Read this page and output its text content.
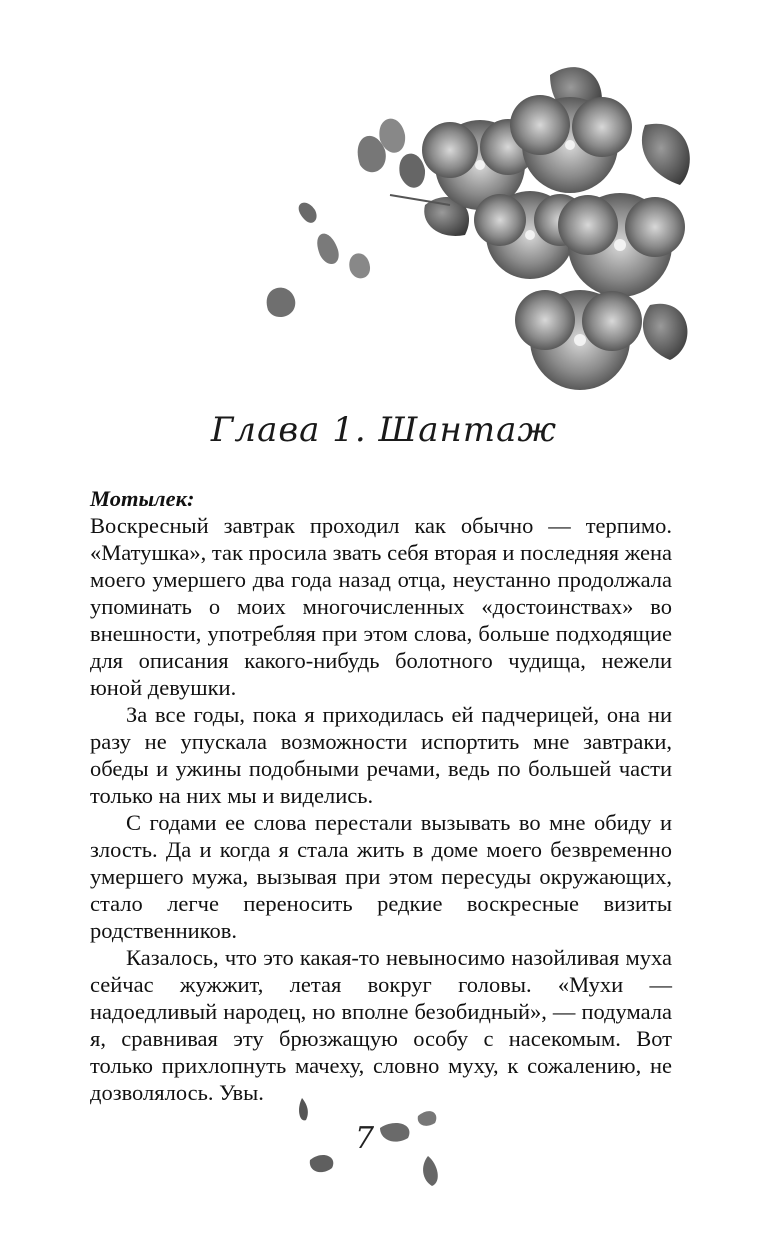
Глава 1. Шантаж
Мотылек:

Воскресный завтрак проходил как обычно — терпимо. «Матушка», так просила звать себя вторая и последняя жена моего умершего два года назад отца, неустанно продолжала упоминать о моих многочисленных «достоинствах» во внешности, употребляя при этом слова, больше подходящие для описания какого-нибудь болотного чудища, нежели юной девушки.

За все годы, пока я приходилась ей падчерицей, она ни разу не упускала возможности испортить мне завтраки, обеды и ужины подобными речами, ведь по большей части только на них мы и виделись.

С годами ее слова перестали вызывать во мне обиду и злость. Да и когда я стала жить в доме моего безвременно умершего мужа, вызывая при этом пересуды окружающих, стало легче переносить редкие воскресные визиты родственников.

Казалось, что это какая-то невыносимо назойливая муха сейчас жужжит, летая вокруг головы. «Мухи — надоедливый народец, но вполне безобидный», — подумала я, сравнивая эту брюзжащую особу с насекомым. Вот только прихлопнуть мачеху, словно муху, к сожалению, не дозволялось. Увы.

7
